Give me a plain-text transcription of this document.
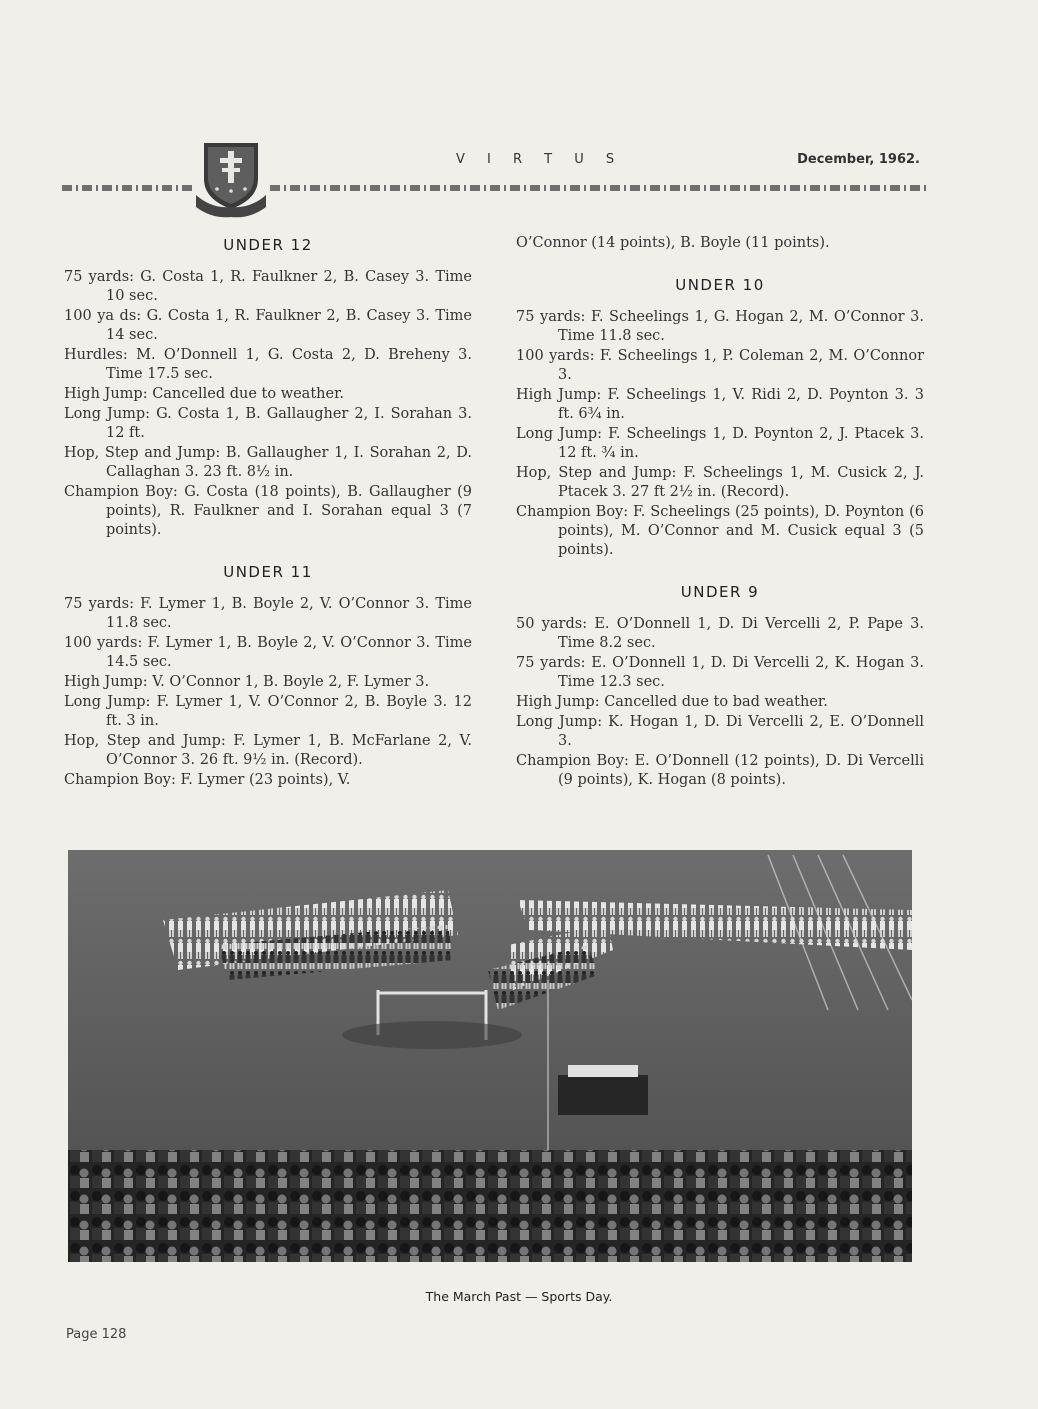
V I R T U S	December, 1962.
UNDER 12
75 yards: G. Costa 1, R. Faulkner 2, B. Casey 3. Time 10 sec.
100 ya ds: G. Costa 1, R. Faulkner 2, B. Casey 3. Time 14 sec.
Hurdles: M. O’Donnell 1, G. Costa 2, D. Breheny 3. Time 17.5 sec.
High Jump: Cancelled due to weather.
Long Jump: G. Costa 1, B. Gallaugher 2, I. Sorahan 3. 12 ft.
Hop, Step and Jump: B. Gallaugher 1, I. Sorahan 2, D. Callaghan 3. 23 ft. 8½ in.
Champion Boy: G. Costa (18 points), B. Gallaugher (9 points), R. Faulkner and I. Sorahan equal 3 (7 points).
UNDER 11
75 yards: F. Lymer 1, B. Boyle 2, V. O’Connor 3. Time 11.8 sec.
100 yards: F. Lymer 1, B. Boyle 2, V. O’Connor 3. Time 14.5 sec.
High Jump: V. O’Connor 1, B. Boyle 2, F. Lymer 3.
Long Jump: F. Lymer 1, V. O’Connor 2, B. Boyle 3. 12 ft. 3 in.
Hop, Step and Jump: F. Lymer 1, B. McFarlane 2, V. O’Connor 3. 26 ft. 9½ in. (Record).
Champion Boy: F. Lymer (23 points), V.
O’Connor (14 points), B. Boyle (11 points).
UNDER 10
75 yards: F. Scheelings 1, G. Hogan 2, M. O’Connor 3. Time 11.8 sec.
100 yards: F. Scheelings 1, P. Coleman 2, M. O’Connor 3.
High Jump: F. Scheelings 1, V. Ridi 2, D. Poynton 3. 3 ft. 6¾ in.
Long Jump: F. Scheelings 1, D. Poynton 2, J. Ptacek 3. 12 ft. ¾ in.
Hop, Step and Jump: F. Scheelings 1, M. Cusick 2, J. Ptacek 3. 27 ft 2½ in. (Record).
Champion Boy: F. Scheelings (25 points), D. Poynton (6 points), M. O’Connor and M. Cusick equal 3 (5 points).
UNDER 9
50 yards: E. O’Donnell 1, D. Di Vercelli 2, P. Pape 3. Time 8.2 sec.
75 yards: E. O’Donnell 1, D. Di Vercelli 2, K. Hogan 3. Time 12.3 sec.
High Jump: Cancelled due to bad weather.
Long Jump: K. Hogan 1, D. Di Vercelli 2, E. O’Donnell 3.
Champion Boy: E. O’Donnell (12 points), D. Di Vercelli (9 points), K. Hogan (8 points).
The March Past — Sports Day.
Page 128
